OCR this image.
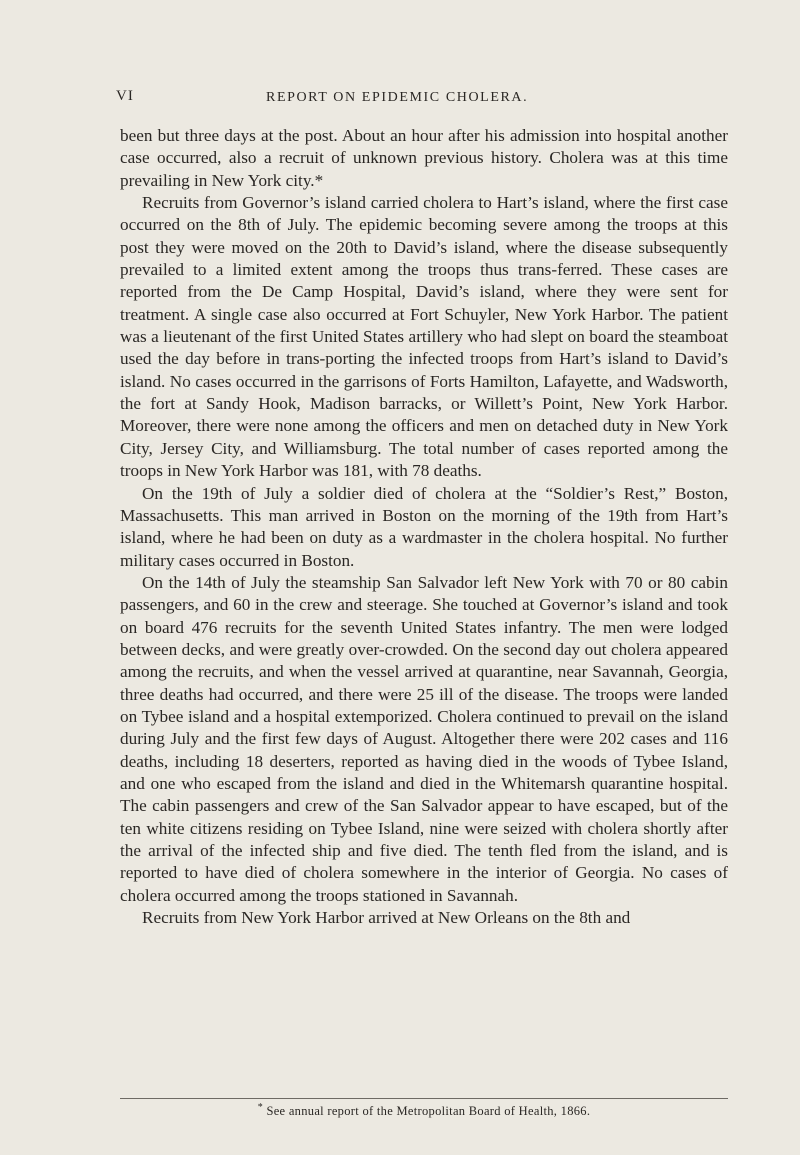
VI	REPORT ON EPIDEMIC CHOLERA.

been but three days at the post. About an hour after his admission into hospital another case occurred, also a recruit of unknown previous history. Cholera was at this time prevailing in New York city.*

Recruits from Governor’s island carried cholera to Hart’s island, where the first case occurred on the 8th of July. The epidemic becoming severe among the troops at this post they were moved on the 20th to David’s island, where the disease subsequently prevailed to a limited extent among the troops thus trans-ferred. These cases are reported from the De Camp Hospital, David’s island, where they were sent for treatment. A single case also occurred at Fort Schuyler, New York Harbor. The patient was a lieutenant of the first United States artillery who had slept on board the steamboat used the day before in trans-porting the infected troops from Hart’s island to David’s island. No cases occurred in the garrisons of Forts Hamilton, Lafayette, and Wadsworth, the fort at Sandy Hook, Madison barracks, or Willett’s Point, New York Harbor. Moreover, there were none among the officers and men on detached duty in New York City, Jersey City, and Williamsburg. The total number of cases reported among the troops in New York Harbor was 181, with 78 deaths.

On the 19th of July a soldier died of cholera at the “Soldier’s Rest,” Boston, Massachusetts. This man arrived in Boston on the morning of the 19th from Hart’s island, where he had been on duty as a wardmaster in the cholera hospital. No further military cases occurred in Boston.

On the 14th of July the steamship San Salvador left New York with 70 or 80 cabin passengers, and 60 in the crew and steerage. She touched at Governor’s island and took on board 476 recruits for the seventh United States infantry. The men were lodged between decks, and were greatly over-crowded. On the second day out cholera appeared among the recruits, and when the vessel arrived at quarantine, near Savannah, Georgia, three deaths had occurred, and there were 25 ill of the disease. The troops were landed on Tybee island and a hospital extemporized. Cholera continued to prevail on the island during July and the first few days of August. Altogether there were 202 cases and 116 deaths, including 18 deserters, reported as having died in the woods of Tybee Island, and one who escaped from the island and died in the Whitemarsh quarantine hospital. The cabin passengers and crew of the San Salvador appear to have escaped, but of the ten white citizens residing on Tybee Island, nine were seized with cholera shortly after the arrival of the infected ship and five died. The tenth fled from the island, and is reported to have died of cholera somewhere in the interior of Georgia. No cases of cholera occurred among the troops stationed in Savannah.

Recruits from New York Harbor arrived at New Orleans on the 8th and

* See annual report of the Metropolitan Board of Health, 1866.
